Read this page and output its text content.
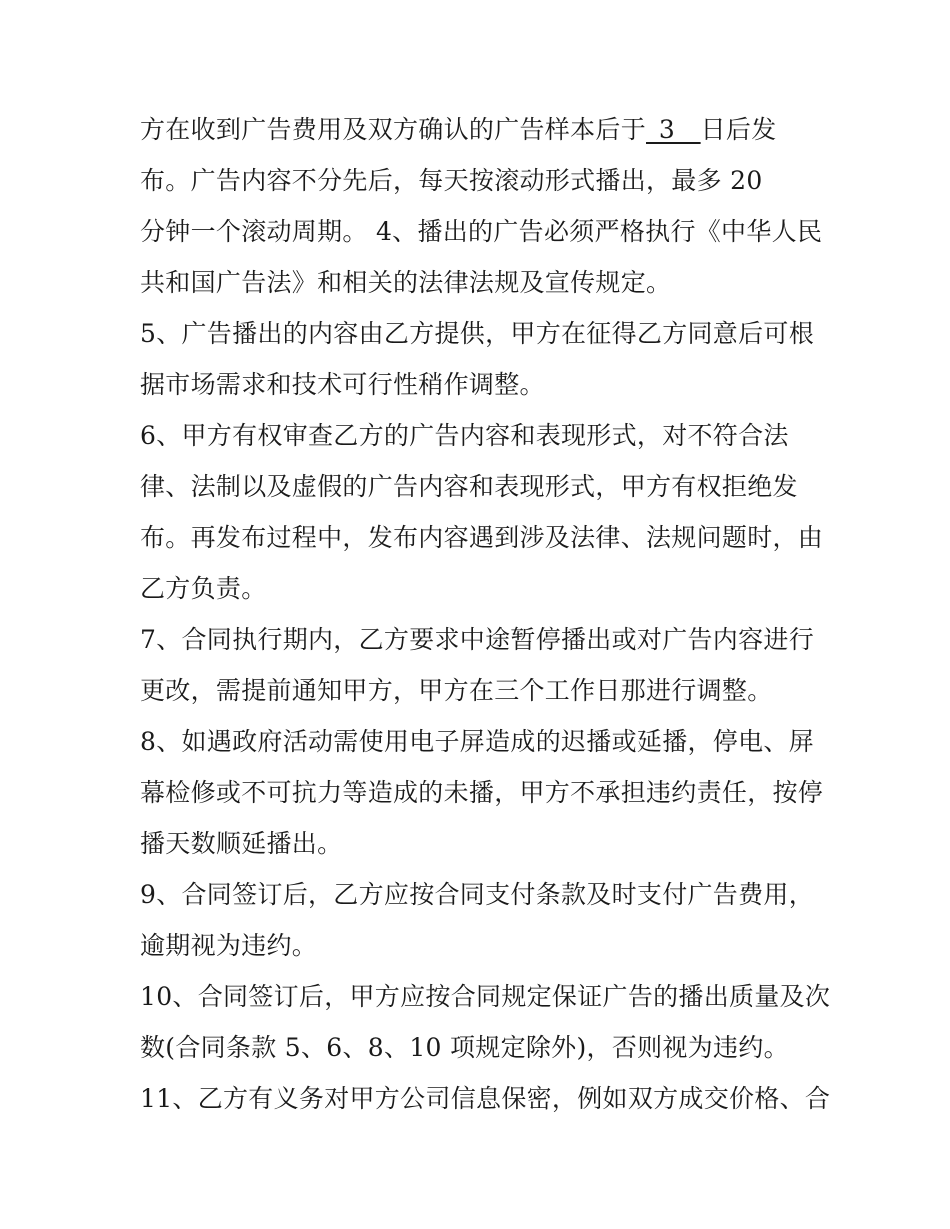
方在收到广告费用及双方确认的广告样本后于_3__日后发
布。广告内容不分先后，每天按滚动形式播出，最多 20
分钟一个滚动周期。 4、播出的广告必须严格执行《中华人民
共和国广告法》和相关的法律法规及宣传规定。
5、广告播出的内容由乙方提供，甲方在征得乙方同意后可根
据市场需求和技术可行性稍作调整。
6、甲方有权审查乙方的广告内容和表现形式，对不符合法
律、法制以及虚假的广告内容和表现形式，甲方有权拒绝发
布。再发布过程中，发布内容遇到涉及法律、法规问题时，由
乙方负责。
7、合同执行期内，乙方要求中途暂停播出或对广告内容进行
更改，需提前通知甲方，甲方在三个工作日那进行调整。
8、如遇政府活动需使用电子屏造成的迟播或延播，停电、屏
幕检修或不可抗力等造成的未播，甲方不承担违约责任，按停
播天数顺延播出。
9、合同签订后，乙方应按合同支付条款及时支付广告费用，
逾期视为违约。
10、合同签订后，甲方应按合同规定保证广告的播出质量及次
数(合同条款 5、6、8、10 项规定除外)，否则视为违约。
11、乙方有义务对甲方公司信息保密，例如双方成交价格、合
